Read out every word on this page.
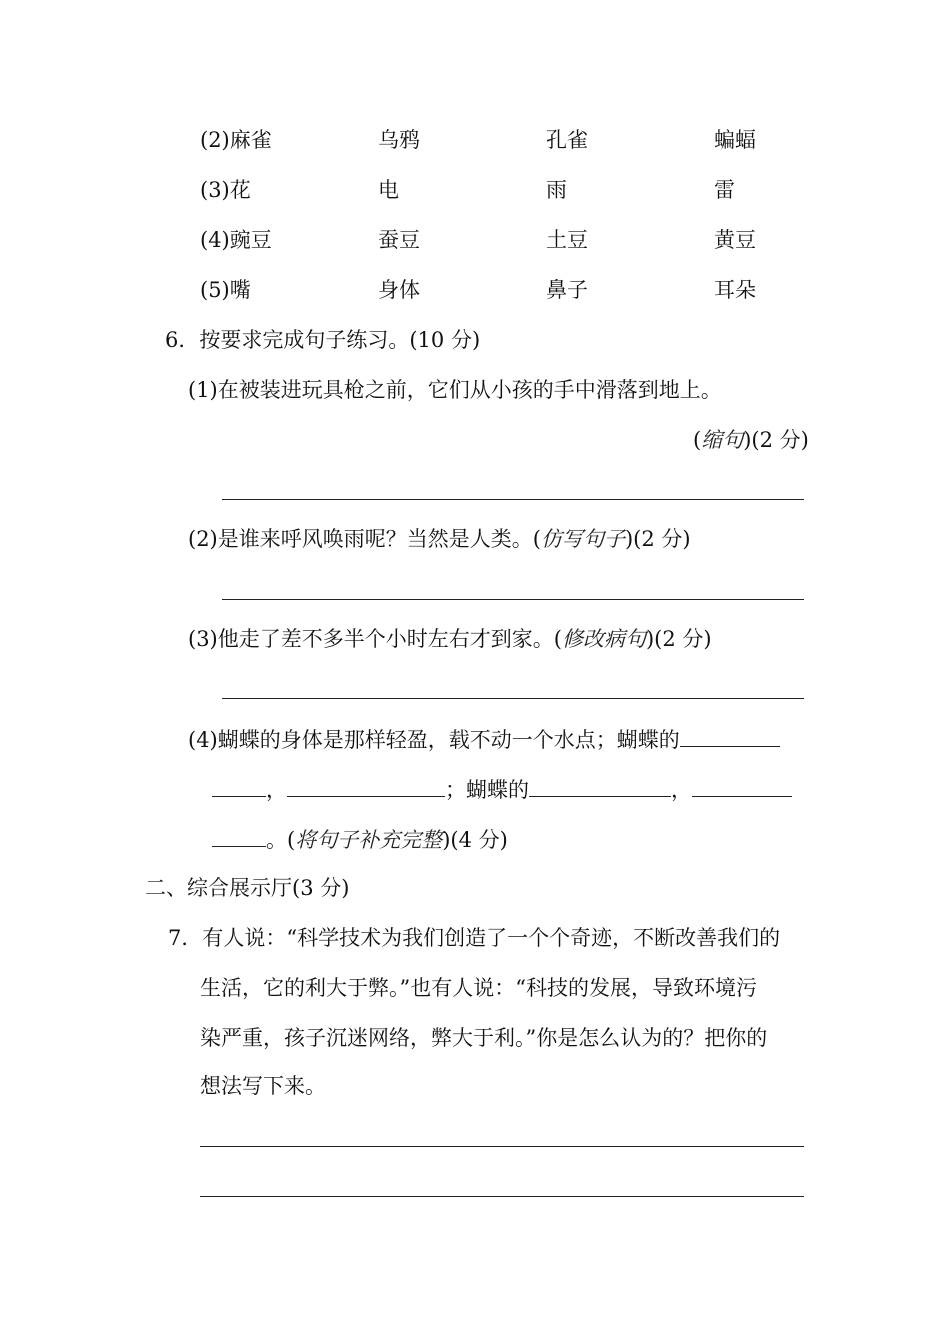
(2)麻雀	乌鸦	孔雀	蝙蝠
(3)花	电	雨	雷
(4)豌豆	蚕豆	土豆	黄豆
(5)嘴	身体	鼻子	耳朵
6．按要求完成句子练习。(10 分)
(1)在被装进玩具枪之前，它们从小孩的手中滑落到地上。
(缩句)(2 分)
(2)是谁来呼风唤雨呢？当然是人类。(仿写句子)(2 分)
(3)他走了差不多半个小时左右才到家。(修改病句)(2 分)
(4)蝴蝶的身体是那样轻盈，载不动一个水点；蝴蝶的
，	；蝴蝶的	，
。(将句子补充完整)(4 分)
二、综合展示厅(3 分)
7．有人说：“科学技术为我们创造了一个个奇迹，不断改善我们的
生活，它的利大于弊。”也有人说：“科技的发展，导致环境污
染严重，孩子沉迷网络，弊大于利。”你是怎么认为的？把你的
想法写下来。
